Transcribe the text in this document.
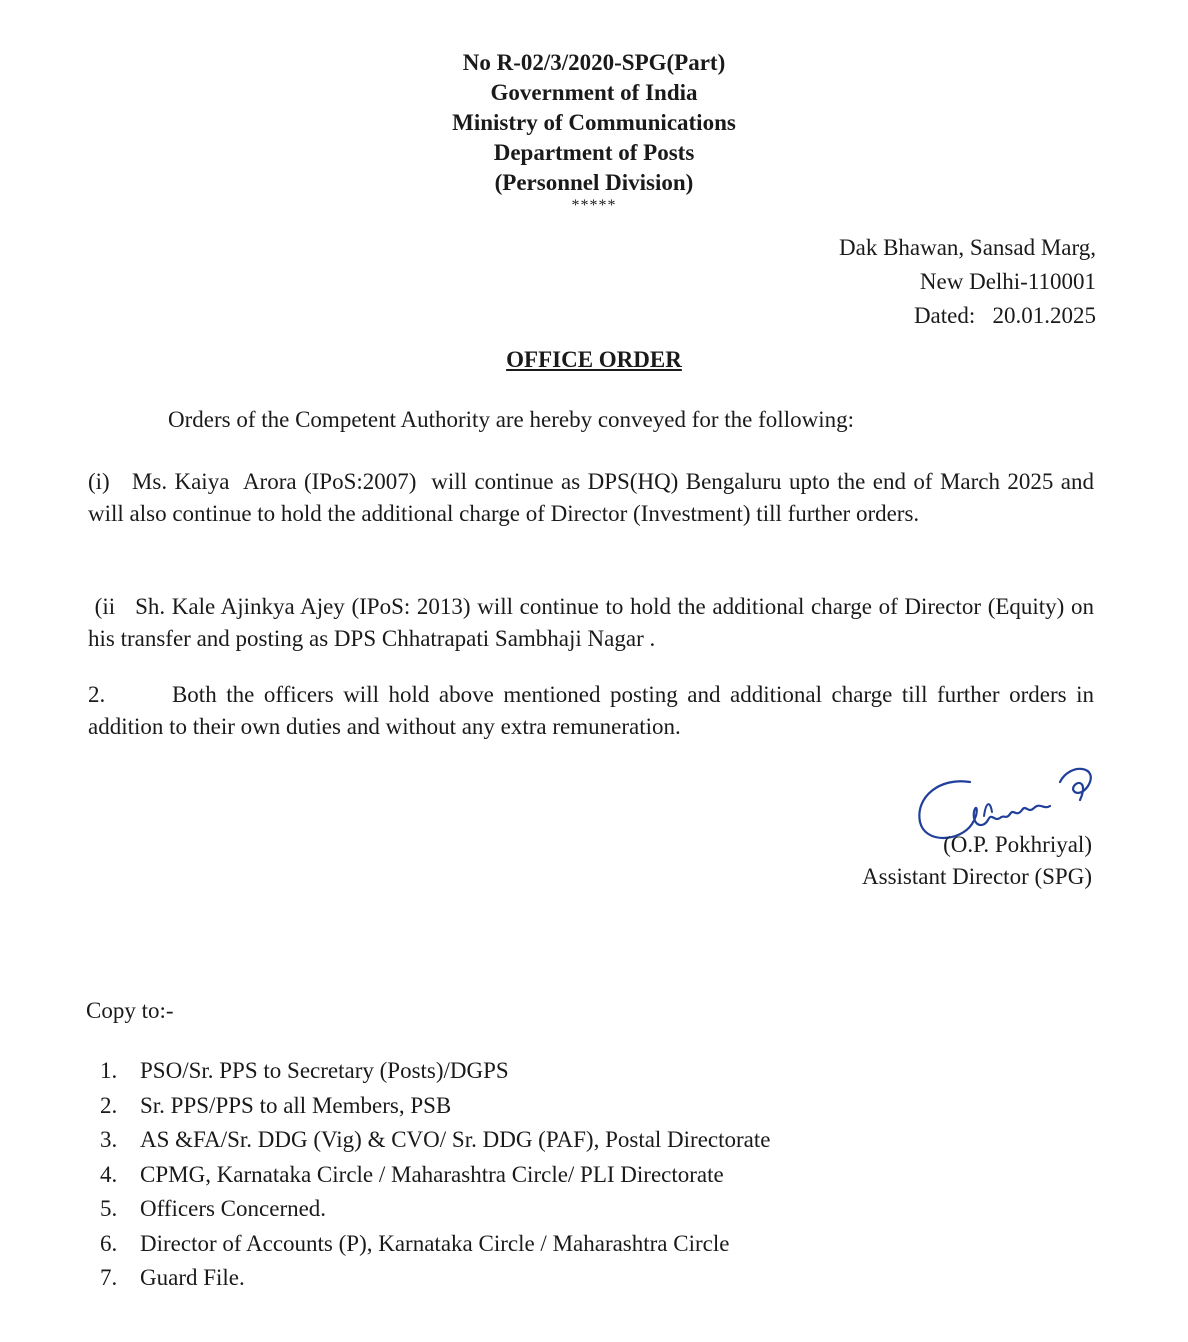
No R-02/3/2020-SPG(Part)
Government of India
Ministry of Communications
Department of Posts
(Personnel Division)
*****
Dak Bhawan, Sansad Marg,
New Delhi-110001
Dated:   20.01.2025
OFFICE ORDER
Orders of the Competent Authority are hereby conveyed for the following:
(i)   Ms. Kaiya  Arora (IPoS:2007)  will continue as DPS(HQ) Bengaluru upto the end of March 2025 and  will also continue to hold the additional charge of Director (Investment) till further orders.
(ii   Sh. Kale Ajinkya Ajey (IPoS: 2013) will continue to hold the additional charge of Director (Equity) on his transfer and posting as DPS Chhatrapati Sambhaji Nagar .
2.       Both the officers will hold above mentioned posting and additional charge till further orders in addition to their own duties and without any extra remuneration.
(O.P. Pokhriyal)
Assistant Director (SPG)
Copy to:-
1. PSO/Sr. PPS to Secretary (Posts)/DGPS
2. Sr. PPS/PPS to all Members, PSB
3. AS &FA/Sr. DDG (Vig) & CVO/ Sr. DDG (PAF), Postal Directorate
4. CPMG, Karnataka Circle / Maharashtra Circle/ PLI Directorate
5. Officers Concerned.
6. Director of Accounts (P), Karnataka Circle / Maharashtra Circle
7. Guard File.
